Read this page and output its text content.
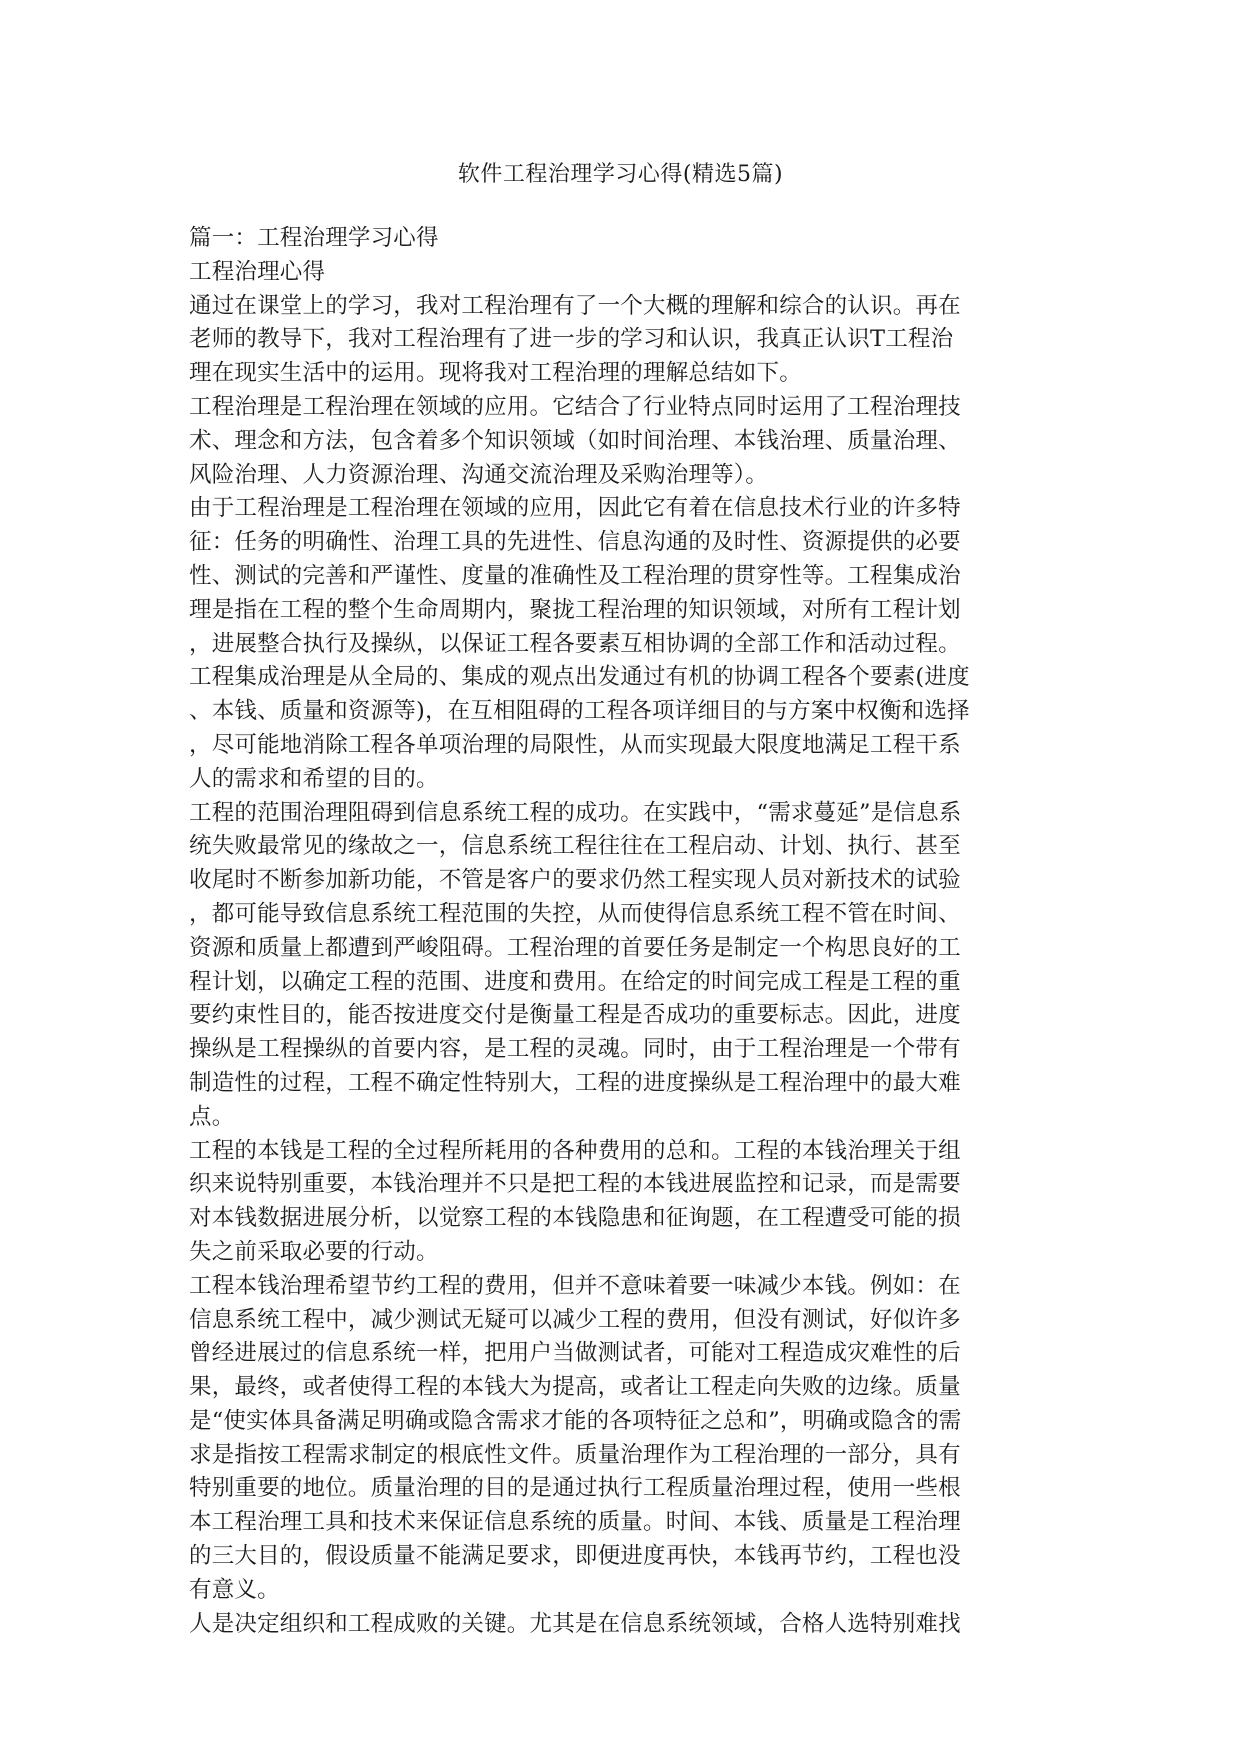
软件工程治理学习心得(精选5篇)
篇一：工程治理学习心得
工程治理心得
通过在课堂上的学习，我对工程治理有了一个大概的理解和综合的认识。再在
老师的教导下，我对工程治理有了进一步的学习和认识，我真正认识T工程治
理在现实生活中的运用。现将我对工程治理的理解总结如下。
工程治理是工程治理在领域的应用。它结合了行业特点同时运用了工程治理技
术、理念和方法，包含着多个知识领域（如时间治理、本钱治理、质量治理、
风险治理、人力资源治理、沟通交流治理及采购治理等）。
由于工程治理是工程治理在领域的应用，因此它有着在信息技术行业的许多特
征：任务的明确性、治理工具的先进性、信息沟通的及时性、资源提供的必要
性、测试的完善和严谨性、度量的准确性及工程治理的贯穿性等。工程集成治
理是指在工程的整个生命周期内，聚拢工程治理的知识领域，对所有工程计划
，进展整合执行及操纵，以保证工程各要素互相协调的全部工作和活动过程。
工程集成治理是从全局的、集成的观点出发通过有机的协调工程各个要素(进度
、本钱、质量和资源等)，在互相阻碍的工程各项详细目的与方案中权衡和选择
，尽可能地消除工程各单项治理的局限性，从而实现最大限度地满足工程干系
人的需求和希望的目的。
工程的范围治理阻碍到信息系统工程的成功。在实践中，“需求蔓延”是信息系
统失败最常见的缘故之一，信息系统工程往往在工程启动、计划、执行、甚至
收尾时不断参加新功能，不管是客户的要求仍然工程实现人员对新技术的试验
，都可能导致信息系统工程范围的失控，从而使得信息系统工程不管在时间、
资源和质量上都遭到严峻阻碍。工程治理的首要任务是制定一个构思良好的工
程计划，以确定工程的范围、进度和费用。在给定的时间完成工程是工程的重
要约束性目的，能否按进度交付是衡量工程是否成功的重要标志。因此，进度
操纵是工程操纵的首要内容，是工程的灵魂。同时，由于工程治理是一个带有
制造性的过程，工程不确定性特别大，工程的进度操纵是工程治理中的最大难
点。
工程的本钱是工程的全过程所耗用的各种费用的总和。工程的本钱治理关于组
织来说特别重要，本钱治理并不只是把工程的本钱进展监控和记录，而是需要
对本钱数据进展分析，以觉察工程的本钱隐患和征询题，在工程遭受可能的损
失之前采取必要的行动。
工程本钱治理希望节约工程的费用，但并不意味着要一味减少本钱。例如：在
信息系统工程中，减少测试无疑可以减少工程的费用，但没有测试，好似许多
曾经进展过的信息系统一样，把用户当做测试者，可能对工程造成灾难性的后
果，最终，或者使得工程的本钱大为提高，或者让工程走向失败的边缘。质量
是“使实体具备满足明确或隐含需求才能的各项特征之总和”，明确或隐含的需
求是指按工程需求制定的根底性文件。质量治理作为工程治理的一部分，具有
特别重要的地位。质量治理的目的是通过执行工程质量治理过程，使用一些根
本工程治理工具和技术来保证信息系统的质量。时间、本钱、质量是工程治理
的三大目的，假设质量不能满足要求，即便进度再快，本钱再节约，工程也没
有意义。
人是决定组织和工程成败的关键。尤其是在信息系统领域，合格人选特别难找
